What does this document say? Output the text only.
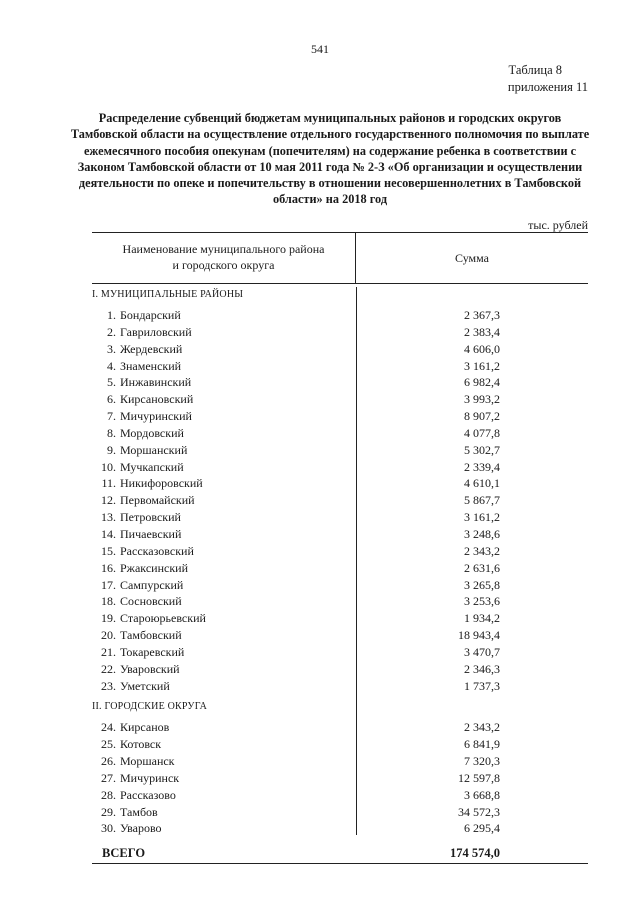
541
Таблица 8
приложения 11
Распределение субвенций бюджетам муниципальных районов и городских округов Тамбовской области на осуществление отдельного государственного полномочия по выплате ежемесячного пособия опекунам (попечителям) на содержание ребенка в соответствии с Законом Тамбовской области от 10 мая 2011 года № 2-З «Об организации и осуществлении деятельности по опеке и попечительству в отношении несовершеннолетних в Тамбовской области» на 2018 год
тыс. рублей
Наименование муниципального района
и городского округа	Сумма
I. МУНИЦИПАЛЬНЫЕ РАЙОНЫ
1. Бондарский	2 367,3
2. Гавриловский	2 383,4
3. Жердевский	4 606,0
4. Знаменский	3 161,2
5. Инжавинский	6 982,4
6. Кирсановский	3 993,2
7. Мичуринский	8 907,2
8. Мордовский	4 077,8
9. Моршанский	5 302,7
10. Мучкапский	2 339,4
11. Никифоровский	4 610,1
12. Первомайский	5 867,7
13. Петровский	3 161,2
14. Пичаевский	3 248,6
15. Рассказовский	2 343,2
16. Ржаксинский	2 631,6
17. Сампурский	3 265,8
18. Сосновский	3 253,6
19. Староюрьевский	1 934,2
20. Тамбовский	18 943,4
21. Токаревский	3 470,7
22. Уваровский	2 346,3
23. Уметский	1 737,3
II. ГОРОДСКИЕ ОКРУГА
24. Кирсанов	2 343,2
25. Котовск	6 841,9
26. Моршанск	7 320,3
27. Мичуринск	12 597,8
28. Рассказово	3 668,8
29. Тамбов	34 572,3
30. Уварово	6 295,4
ВСЕГО	174 574,0
